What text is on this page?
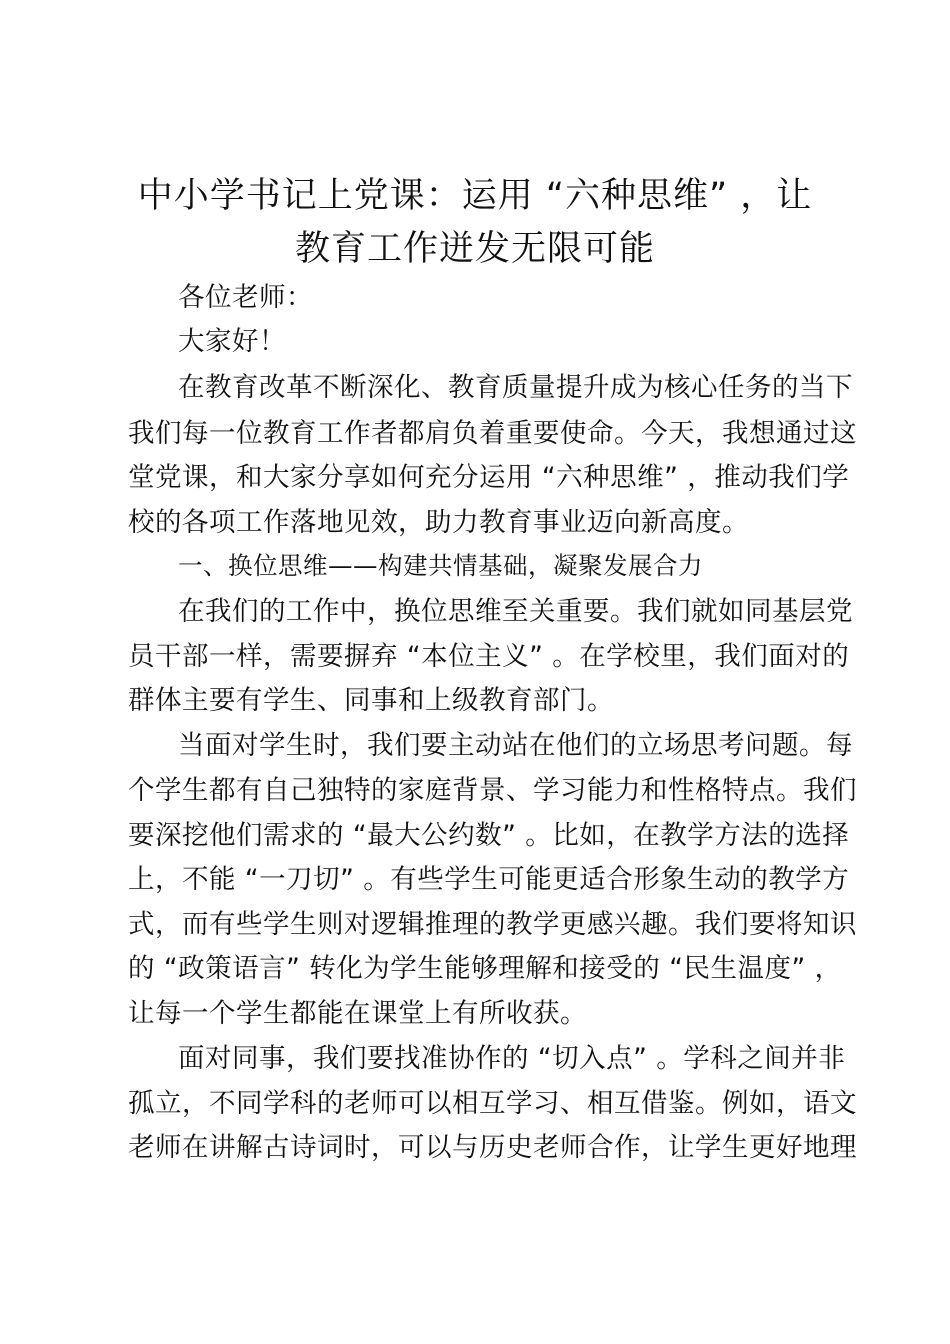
中小学书记上党课：运用 “六种思维” ，让
教育工作迸发无限可能
各位老师：
大家好！
在教育改革不断深化、教育质量提升成为核心任务的当下
我们每一位教育工作者都肩负着重要使命。今天，我想通过这
堂党课，和大家分享如何充分运用 “六种思维” ，推动我们学
校的各项工作落地见效，助力教育事业迈向新高度。
一、换位思维——构建共情基础，凝聚发展合力
在我们的工作中，换位思维至关重要。我们就如同基层党
员干部一样，需要摒弃 “本位主义” 。在学校里，我们面对的
群体主要有学生、同事和上级教育部门。
当面对学生时，我们要主动站在他们的立场思考问题。每
个学生都有自己独特的家庭背景、学习能力和性格特点。我们
要深挖他们需求的 “最大公约数” 。比如，在教学方法的选择
上，不能 “一刀切” 。有些学生可能更适合形象生动的教学方
式，而有些学生则对逻辑推理的教学更感兴趣。我们要将知识
的 “政策语言” 转化为学生能够理解和接受的 “民生温度” ，
让每一个学生都能在课堂上有所收获。
面对同事，我们要找准协作的 “切入点” 。学科之间并非
孤立，不同学科的老师可以相互学习、相互借鉴。例如，语文
老师在讲解古诗词时，可以与历史老师合作，让学生更好地理
